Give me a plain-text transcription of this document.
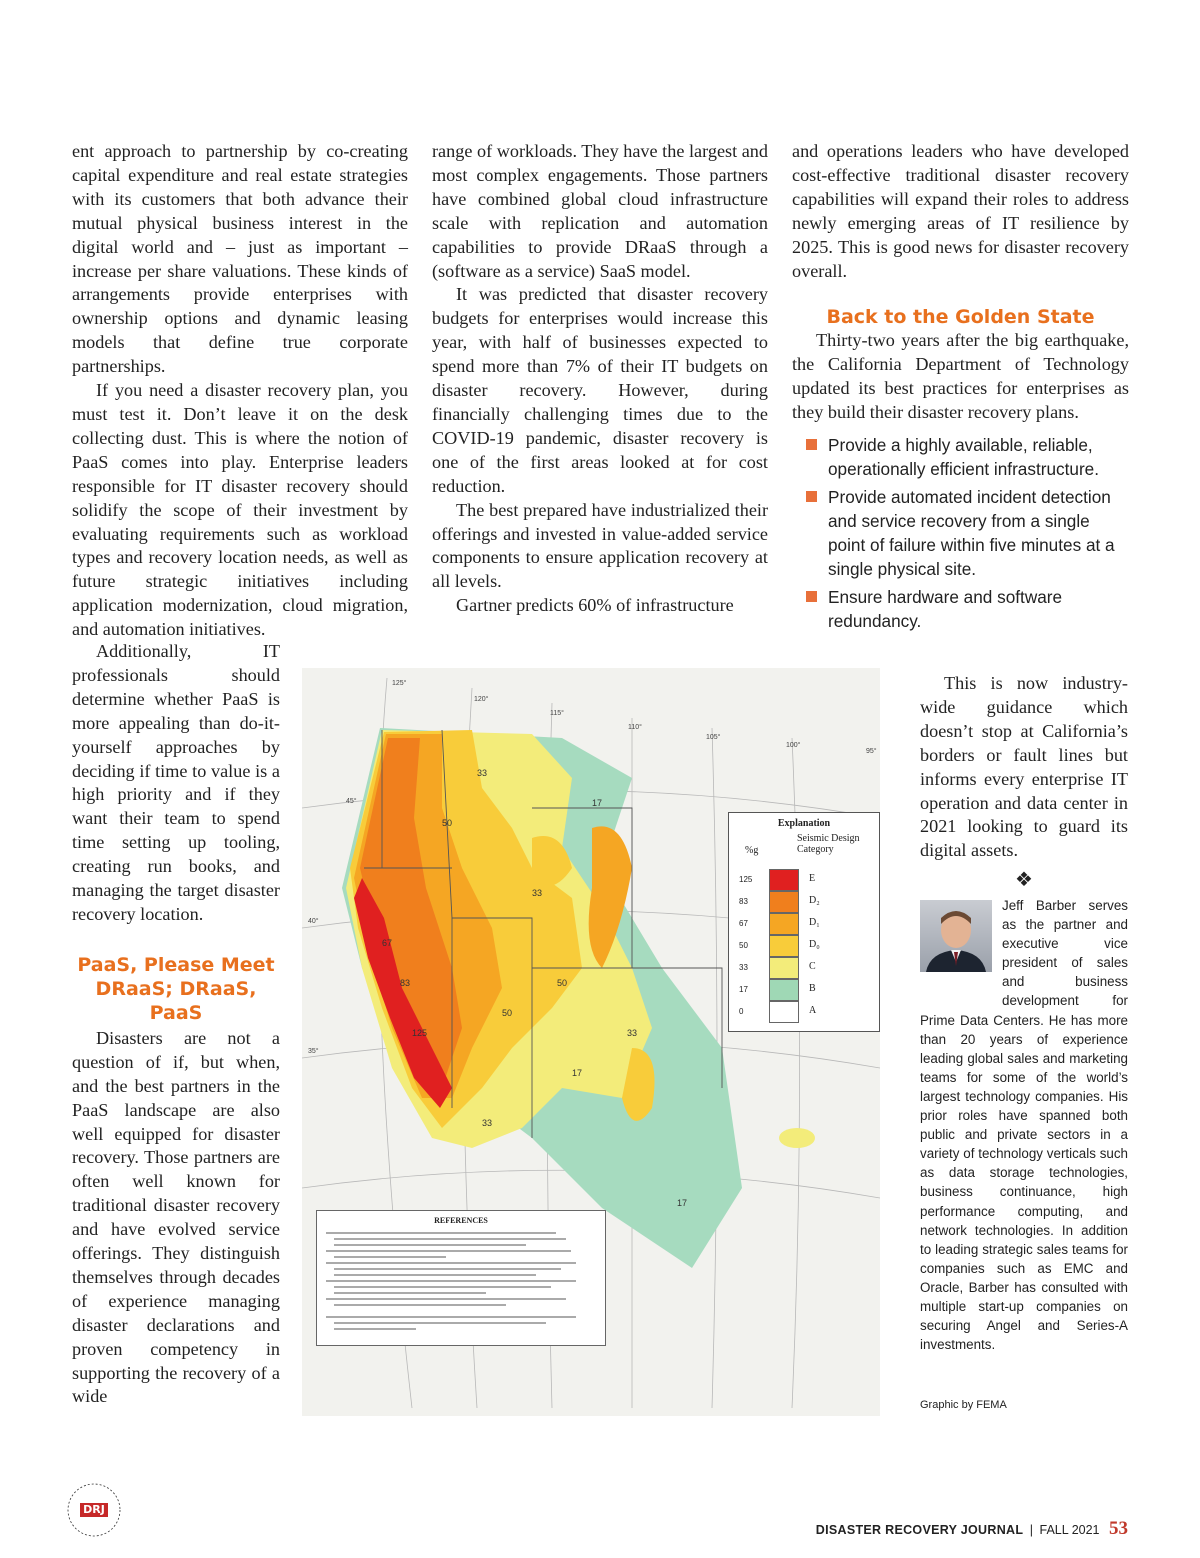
ent approach to partnership by co-creating capital expenditure and real estate strategies with its customers that both advance their mutual physical business interest in the digital world and – just as important – increase per share valuations. These kinds of arrangements provide enterprises with ownership options and dynamic leasing models that define true corporate partnerships.

If you need a disaster recovery plan, you must test it. Don’t leave it on the desk collecting dust. This is where the notion of PaaS comes into play. Enterprise leaders responsible for IT disaster recovery should solidify the scope of their investment by evaluating requirements such as workload types and recovery location needs, as well as future strategic initiatives including application modernization, cloud migration, and automation initiatives.

Additionally, IT professionals should determine whether PaaS is more appealing than do-it-yourself approaches by deciding if time to value is a high priority and if they want their team to spend time setting up tooling, creating run books, and managing the target disaster recovery location.

PaaS, Please Meet DRaaS; DRaaS, PaaS

Disasters are not a question of if, but when, and the best partners in the PaaS landscape are also well equipped for disaster recovery. Those partners are often well known for traditional disaster recovery and have evolved service offerings. They distinguish themselves through decades of experience managing disaster declarations and proven competency in supporting the recovery of a wide

range of workloads. They have the largest and most complex engagements. Those partners have combined global cloud infrastructure scale with replication and automation capabilities to provide DRaaS through a (software as a service) SaaS model.

It was predicted that disaster recovery budgets for enterprises would increase this year, with half of businesses expected to spend more than 7% of their IT budgets on disaster recovery. However, during financially challenging times due to the COVID-19 pandemic, disaster recovery is one of the first areas looked at for cost reduction.

The best prepared have industrialized their offerings and invested in value-added service components to ensure application recovery at all levels.

Gartner predicts 60% of infrastructure

and operations leaders who have developed cost-effective traditional disaster recovery capabilities will expand their roles to address newly emerging areas of IT resilience by 2025. This is good news for disaster recovery overall.

Back to the Golden State

Thirty-two years after the big earthquake, the California Department of Technology updated its best practices for enterprises as they build their disaster recovery plans.

Provide a highly available, reliable, operationally efficient infrastructure.
Provide automated incident detection and service recovery from a single point of failure within five minutes at a single physical site.
Ensure hardware and software redundancy.

This is now industry-wide guidance which doesn’t stop at California’s borders or fault lines but informs every enterprise IT operation and data center in 2021 looking to guard its digital assets.

❖
Jeff Barber serves as the partner and executive vice president of sales and business development for Prime Data Centers. He has more than 20 years of experience leading global sales and marketing teams for some of the world’s largest technology companies. His prior roles have spanned both public and private sectors in a variety of technology verticals such as data storage technologies, business continuance, high performance computing, and network technologies. In addition to leading strategic sales teams for companies such as EMC and Oracle, Barber has consulted with multiple start-up companies on securing Angel and Series-A investments.
Graphic by FEMA
50
33
17
67
83
125
33
50
17
33
17
50
33
125°
120°
115°
110°
105°
100°
95°
45°
40°
35°
Explanation
%g
Seismic Design Category
125	E
83	D₂
67	D₁
50	D₀
33	C
17	B
0	A
REFERENCES
DRJ
DISASTER RECOVERY JOURNAL | FALL 2021 53
